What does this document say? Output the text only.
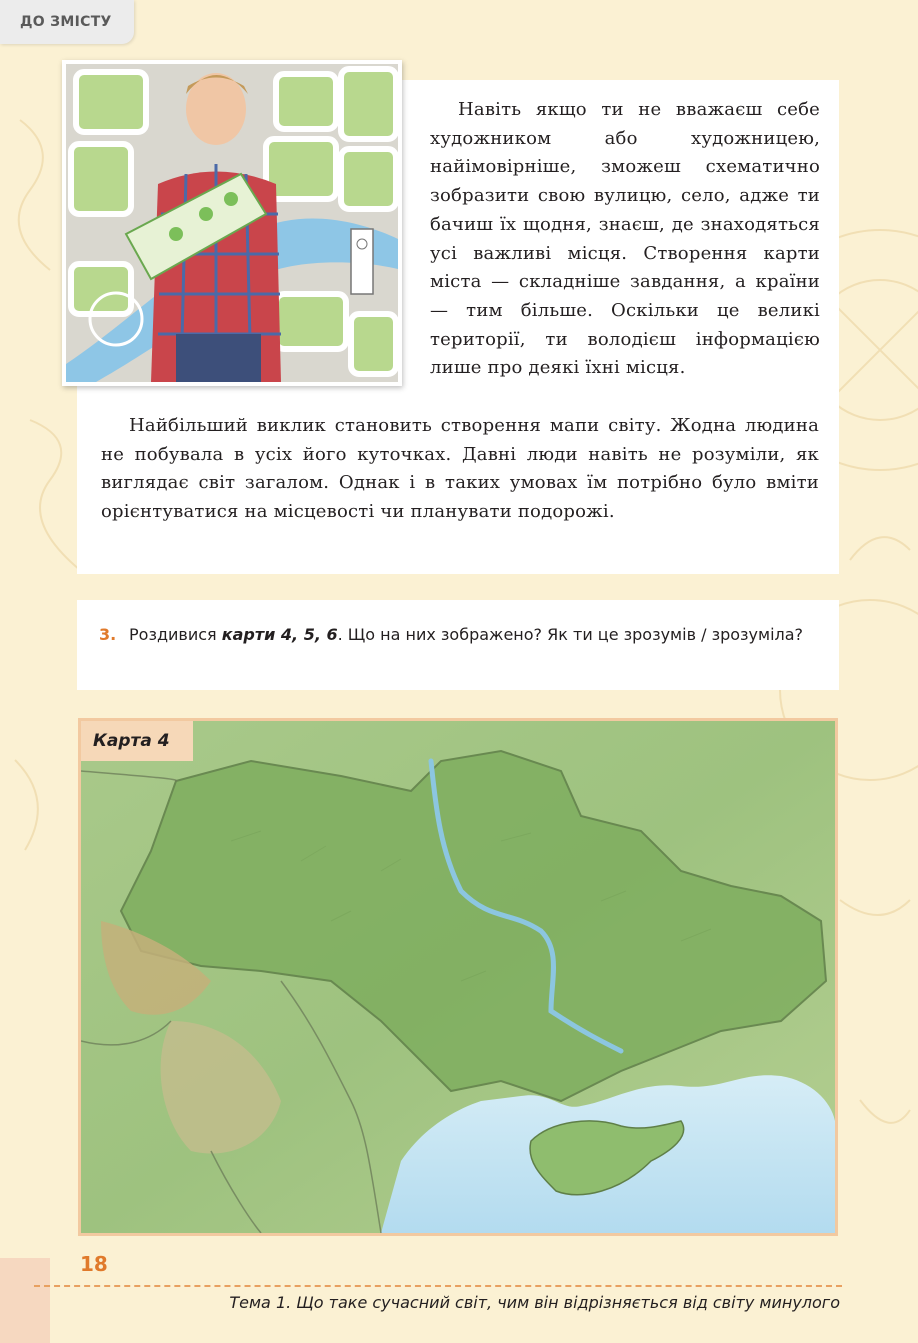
ДО ЗМІСТУ

Навіть якщо ти не вважаєш себе художником або художницею, найімовірніше, зможеш схематично зобразити свою вулицю, село, адже ти бачиш їх щодня, знаєш, де знаходяться усі важливі місця. Створення карти міста — складніше завдання, а країни — тим більше. Оскільки це великі території, ти володієш інформацією лише про деякі їхні місця.

Найбільший виклик становить створення мапи світу. Жодна людина не побувала в усіх його куточках. Давні люди навіть не розуміли, як виглядає світ загалом. Однак і в таких умовах їм потрібно було вміти орієнтуватися на місцевості чи планувати подорожі.

3. Роздивися карти 4, 5, 6. Що на них зображено? Як ти це зрозумів / зрозуміла?

Карта 4
18
Тема 1. Що таке сучасний світ, чим він відрізняється від світу минулого
